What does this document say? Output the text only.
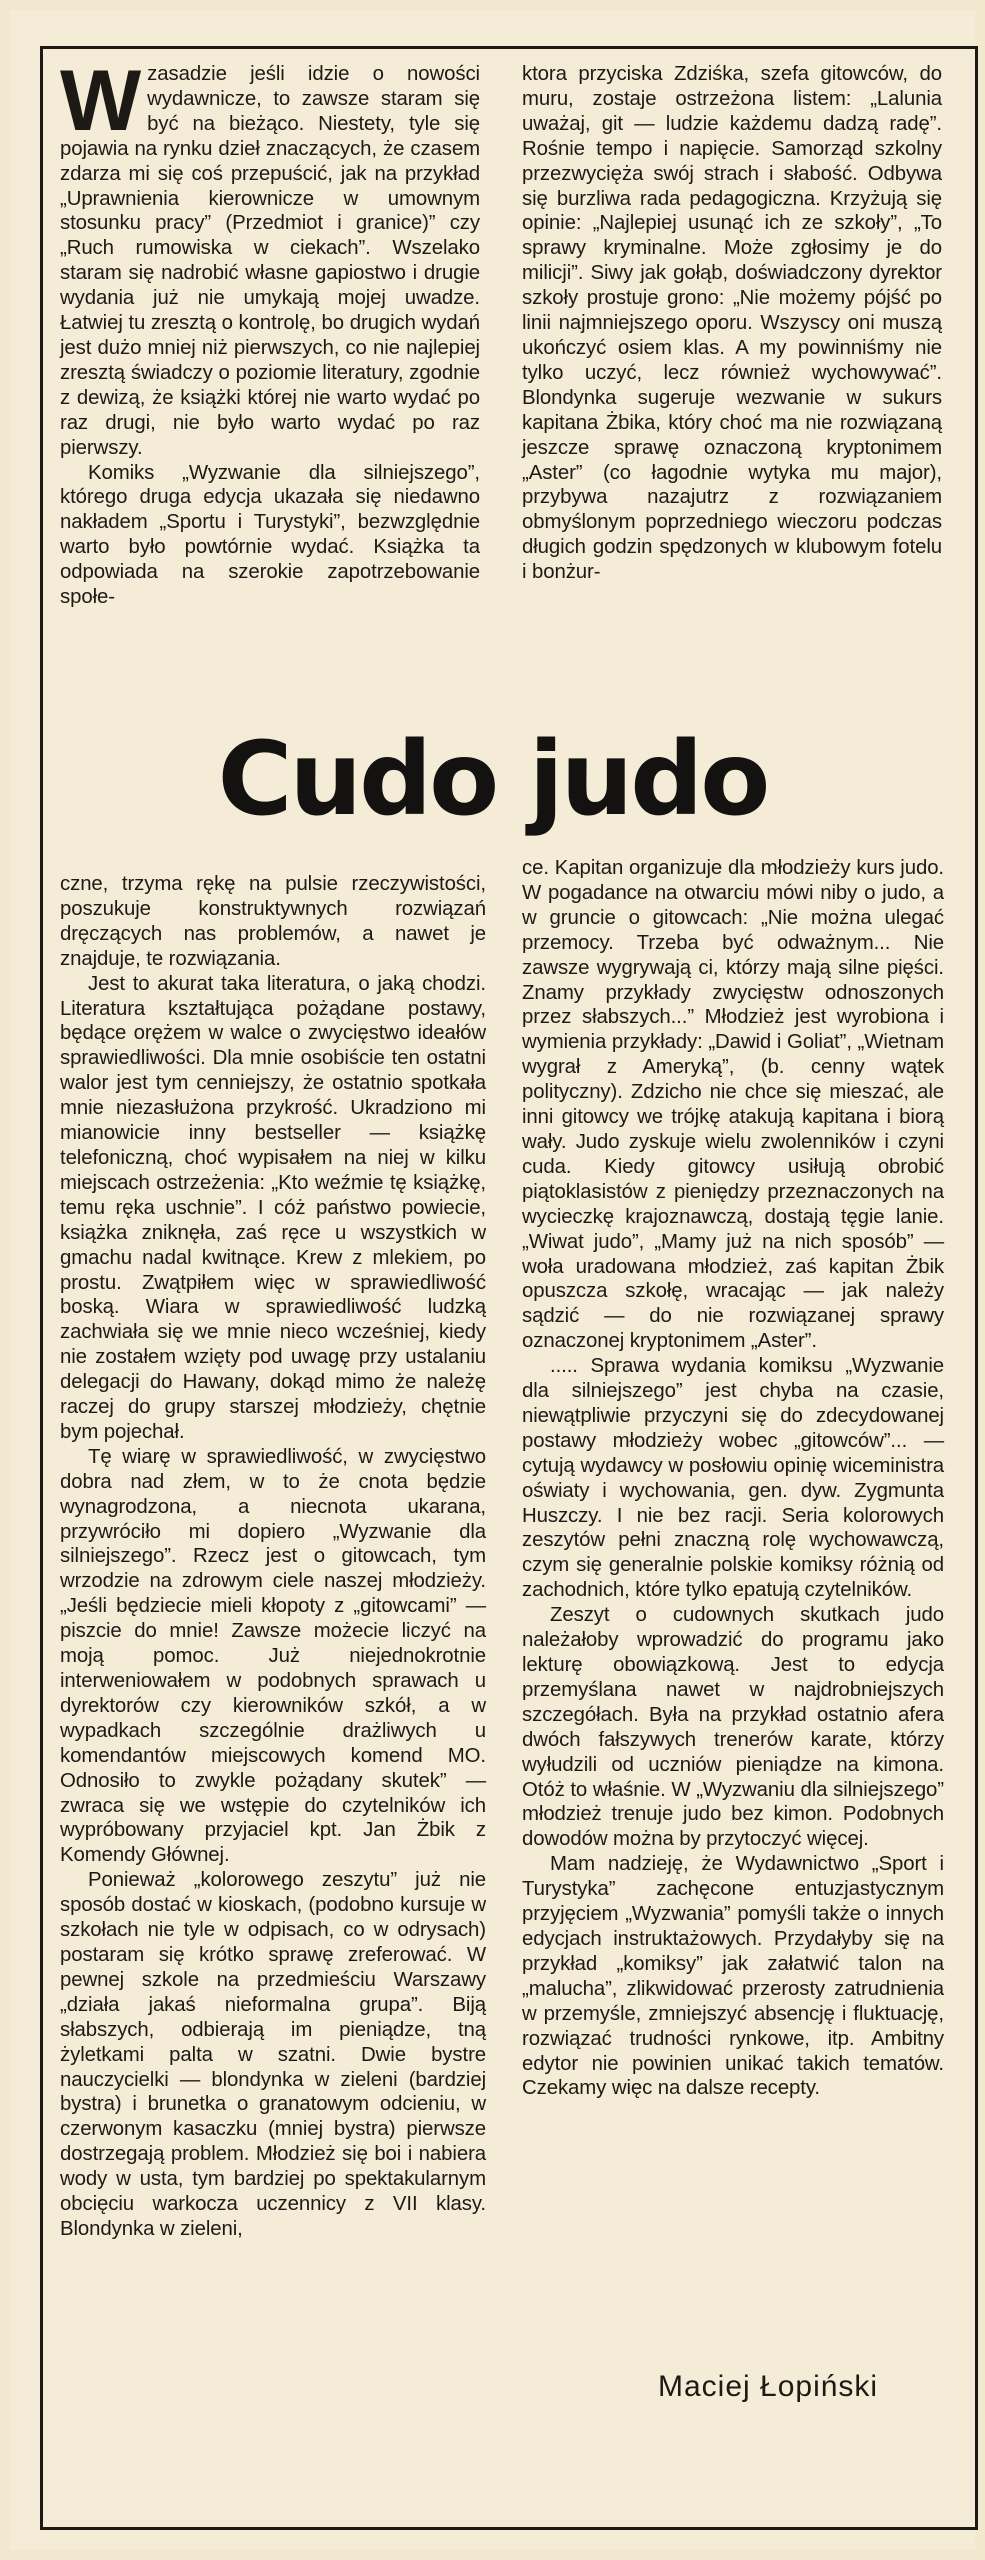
Wzasadzie jeśli idzie o nowości wydawnicze, to zawsze staram się być na bieżąco. Niestety, tyle się pojawia na rynku dzieł znaczących, że czasem zdarza mi się coś przepuścić, jak na przykład „Uprawnienia kierownicze w umownym stosunku pracy” (Przedmiot i granice)” czy „Ruch rumowiska w ciekach”. Wszelako staram się nadrobić własne gapiostwo i drugie wydania już nie umykają mojej uwadze. Łatwiej tu zresztą o kontrolę, bo drugich wydań jest dużo mniej niż pierwszych, co nie najlepiej zresztą świadczy o poziomie literatury, zgodnie z dewizą, że książki której nie warto wydać po raz drugi, nie było warto wydać po raz pierwszy.

Komiks „Wyzwanie dla silniejszego”, którego druga edycja ukazała się niedawno nakładem „Sportu i Turystyki”, bezwzględnie warto było powtórnie wydać. Książka ta odpowiada na szerokie zapotrzebowanie społe-

ktora przyciska Zdziśka, szefa gitowców, do muru, zostaje ostrzeżona listem: „Lalunia uważaj, git — ludzie każdemu dadzą radę”. Rośnie tempo i napięcie. Samorząd szkolny przezwycięża swój strach i słabość. Odbywa się burzliwa rada pedagogiczna. Krzyżują się opinie: „Najlepiej usunąć ich ze szkoły”, „To sprawy kryminalne. Może zgłosimy je do milicji”. Siwy jak gołąb, doświadczony dyrektor szkoły prostuje grono: „Nie możemy pójść po linii najmniejszego oporu. Wszyscy oni muszą ukończyć osiem klas. A my powinniśmy nie tylko uczyć, lecz również wychowywać”. Blondynka sugeruje wezwanie w sukurs kapitana Żbika, który choć ma nie rozwiązaną jeszcze sprawę oznaczoną kryptonimem „Aster” (co łagodnie wytyka mu major), przybywa nazajutrz z rozwiązaniem obmyślonym poprzedniego wieczoru podczas długich godzin spędzonych w klubowym fotelu i bonżur-

Cudo judo

czne, trzyma rękę na pulsie rzeczywistości, poszukuje konstruktywnych rozwiązań dręczących nas problemów, a nawet je znajduje, te rozwiązania.

Jest to akurat taka literatura, o jaką chodzi. Literatura kształtująca pożądane postawy, będące orężem w walce o zwycięstwo ideałów sprawiedliwości. Dla mnie osobiście ten ostatni walor jest tym cenniejszy, że ostatnio spotkała mnie niezasłużona przykrość. Ukradziono mi mianowicie inny bestseller — książkę telefoniczną, choć wypisałem na niej w kilku miejscach ostrzeżenia: „Kto weźmie tę książkę, temu ręka uschnie”. I cóż państwo powiecie, książka zniknęła, zaś ręce u wszystkich w gmachu nadal kwitnące. Krew z mlekiem, po prostu. Zwątpiłem więc w sprawiedliwość boską. Wiara w sprawiedliwość ludzką zachwiała się we mnie nieco wcześniej, kiedy nie zostałem wzięty pod uwagę przy ustalaniu delegacji do Hawany, dokąd mimo że należę raczej do grupy starszej młodzieży, chętnie bym pojechał.

Tę wiarę w sprawiedliwość, w zwycięstwo dobra nad złem, w to że cnota będzie wynagrodzona, a niecnota ukarana, przywróciło mi dopiero „Wyzwanie dla silniejszego”. Rzecz jest o gitowcach, tym wrzodzie na zdrowym ciele naszej młodzieży. „Jeśli będziecie mieli kłopoty z „gitowcami” — piszcie do mnie! Zawsze możecie liczyć na moją pomoc. Już niejednokrotnie interweniowałem w podobnych sprawach u dyrektorów czy kierowników szkół, a w wypadkach szczególnie drażliwych u komendantów miejscowych komend MO. Odnosiło to zwykle pożądany skutek” — zwraca się we wstępie do czytelników ich wypróbowany przyjaciel kpt. Jan Żbik z Komendy Głównej.

Ponieważ „kolorowego zeszytu” już nie sposób dostać w kioskach, (podobno kursuje w szkołach nie tyle w odpisach, co w odrysach) postaram się krótko sprawę zreferować. W pewnej szkole na przedmieściu Warszawy „działa jakaś nieformalna grupa”. Biją słabszych, odbierają im pieniądze, tną żyletkami palta w szatni. Dwie bystre nauczycielki — blondynka w zieleni (bardziej bystra) i brunetka o granatowym odcieniu, w czerwonym kasaczku (mniej bystra) pierwsze dostrzegają problem. Młodzież się boi i nabiera wody w usta, tym bardziej po spektakularnym obcięciu warkocza uczennicy z VII klasy. Blondynka w zieleni,

ce. Kapitan organizuje dla młodzieży kurs judo. W pogadance na otwarciu mówi niby o judo, a w gruncie o gitowcach: „Nie można ulegać przemocy. Trzeba być odważnym... Nie zawsze wygrywają ci, którzy mają silne pięści. Znamy przykłady zwycięstw odnoszonych przez słabszych...” Młodzież jest wyrobiona i wymienia przykłady: „Dawid i Goliat”, „Wietnam wygrał z Ameryką”, (b. cenny wątek polityczny). Zdzicho nie chce się mieszać, ale inni gitowcy we trójkę atakują kapitana i biorą wały. Judo zyskuje wielu zwolenników i czyni cuda. Kiedy gitowcy usiłują obrobić piątoklasistów z pieniędzy przeznaczonych na wycieczkę krajoznawczą, dostają tęgie lanie. „Wiwat judo”, „Mamy już na nich sposób” — woła uradowana młodzież, zaś kapitan Żbik opuszcza szkołę, wracając — jak należy sądzić — do nie rozwiązanej sprawy oznaczonej kryptonimem „Aster”.

..... Sprawa wydania komiksu „Wyzwanie dla silniejszego” jest chyba na czasie, niewątpliwie przyczyni się do zdecydowanej postawy młodzieży wobec „gitowców”... — cytują wydawcy w posłowiu opinię wiceministra oświaty i wychowania, gen. dyw. Zygmunta Huszczy. I nie bez racji. Seria kolorowych zeszytów pełni znaczną rolę wychowawczą, czym się generalnie polskie komiksy różnią od zachodnich, które tylko epatują czytelników.

Zeszyt o cudownych skutkach judo należałoby wprowadzić do programu jako lekturę obowiązkową. Jest to edycja przemyślana nawet w najdrobniejszych szczegółach. Była na przykład ostatnio afera dwóch fałszywych trenerów karate, którzy wyłudzili od uczniów pieniądze na kimona. Otóż to właśnie. W „Wyzwaniu dla silniejszego” młodzież trenuje judo bez kimon. Podobnych dowodów można by przytoczyć więcej.

Mam nadzieję, że Wydawnictwo „Sport i Turystyka” zachęcone entuzjastycznym przyjęciem „Wyzwania” pomyśli także o innych edycjach instruktażowych. Przydałyby się na przykład „komiksy” jak załatwić talon na „malucha”, zlikwidować przerosty zatrudnienia w przemyśle, zmniejszyć absencję i fluktuację, rozwiązać trudności rynkowe, itp. Ambitny edytor nie powinien unikać takich tematów. Czekamy więc na dalsze recepty.

Maciej Łopiński
